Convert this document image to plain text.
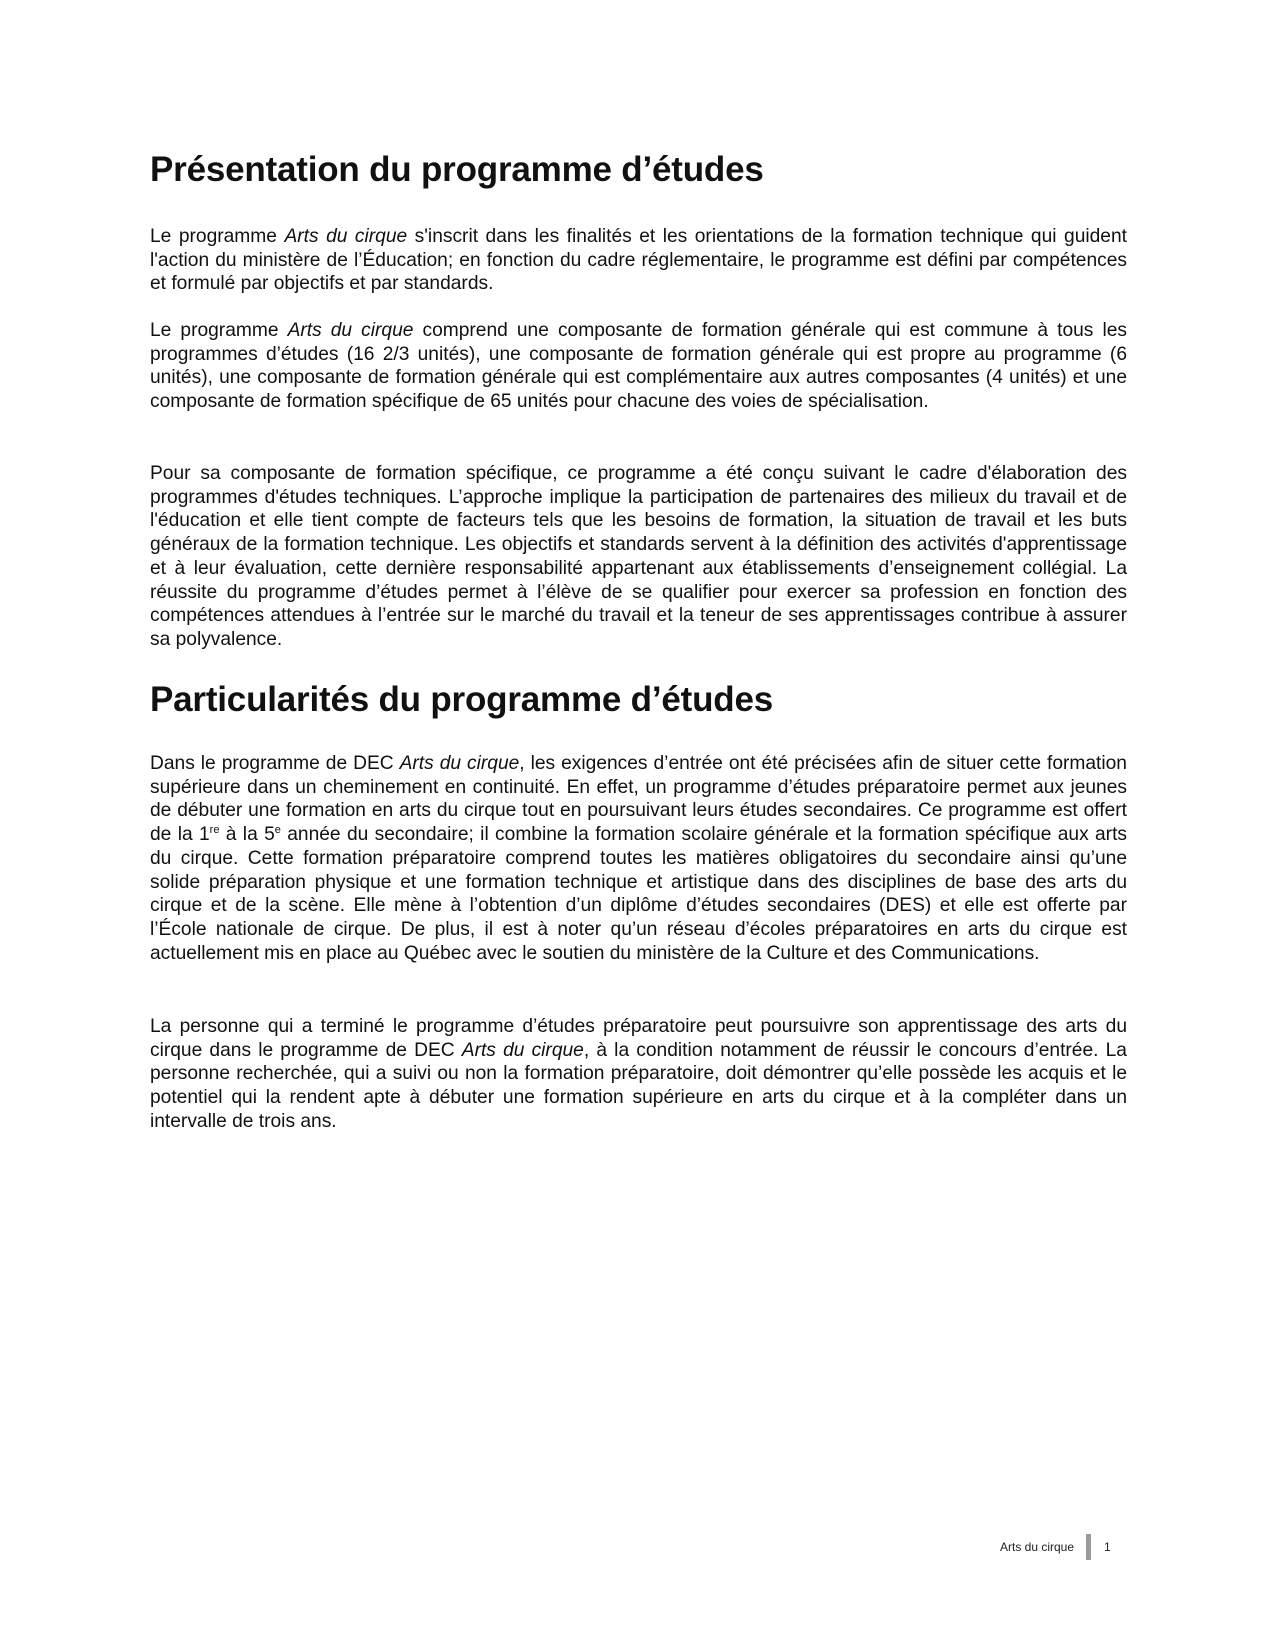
Présentation du programme d’études

Le programme Arts du cirque s'inscrit dans les finalités et les orientations de la formation technique qui guident l'action du ministère de l’Éducation; en fonction du cadre réglementaire, le programme est défini par compétences et formulé par objectifs et par standards.

Le programme Arts du cirque comprend une composante de formation générale qui est commune à tous les programmes d’études (16 2/3 unités), une composante de formation générale qui est propre au programme (6 unités), une composante de formation générale qui est complémentaire aux autres composantes (4 unités) et une composante de formation spécifique de 65 unités pour chacune des voies de spécialisation.

Pour sa composante de formation spécifique, ce programme a été conçu suivant le cadre d'élaboration des programmes d'études techniques. L’approche implique la participation de partenaires des milieux du travail et de l'éducation et elle tient compte de facteurs tels que les besoins de formation, la situation de travail et les buts généraux de la formation technique. Les objectifs et standards servent à la définition des activités d'apprentissage et à leur évaluation, cette dernière responsabilité appartenant aux établissements d’enseignement collégial. La réussite du programme d’études permet à l’élève de se qualifier pour exercer sa profession en fonction des compétences attendues à l’entrée sur le marché du travail et la teneur de ses apprentissages contribue à assurer sa polyvalence.

Particularités du programme d’études

Dans le programme de DEC Arts du cirque, les exigences d’entrée ont été précisées afin de situer cette formation supérieure dans un cheminement en continuité. En effet, un programme d’études préparatoire permet aux jeunes de débuter une formation en arts du cirque tout en poursuivant leurs études secondaires. Ce programme est offert de la 1re à la 5e année du secondaire; il combine la formation scolaire générale et la formation spécifique aux arts du cirque. Cette formation préparatoire comprend toutes les matières obligatoires du secondaire ainsi qu’une solide préparation physique et une formation technique et artistique dans des disciplines de base des arts du cirque et de la scène. Elle mène à l’obtention d’un diplôme d’études secondaires (DES) et elle est offerte par l’École nationale de cirque. De plus, il est à noter qu’un réseau d’écoles préparatoires en arts du cirque est actuellement mis en place au Québec avec le soutien du ministère de la Culture et des Communications.

La personne qui a terminé le programme d’études préparatoire peut poursuivre son apprentissage des arts du cirque dans le programme de DEC Arts du cirque, à la condition notamment de réussir le concours d’entrée. La personne recherchée, qui a suivi ou non la formation préparatoire, doit démontrer qu’elle possède les acquis et le potentiel qui la rendent apte à débuter une formation supérieure en arts du cirque et à la compléter dans un intervalle de trois ans.

Arts du cirque	1
